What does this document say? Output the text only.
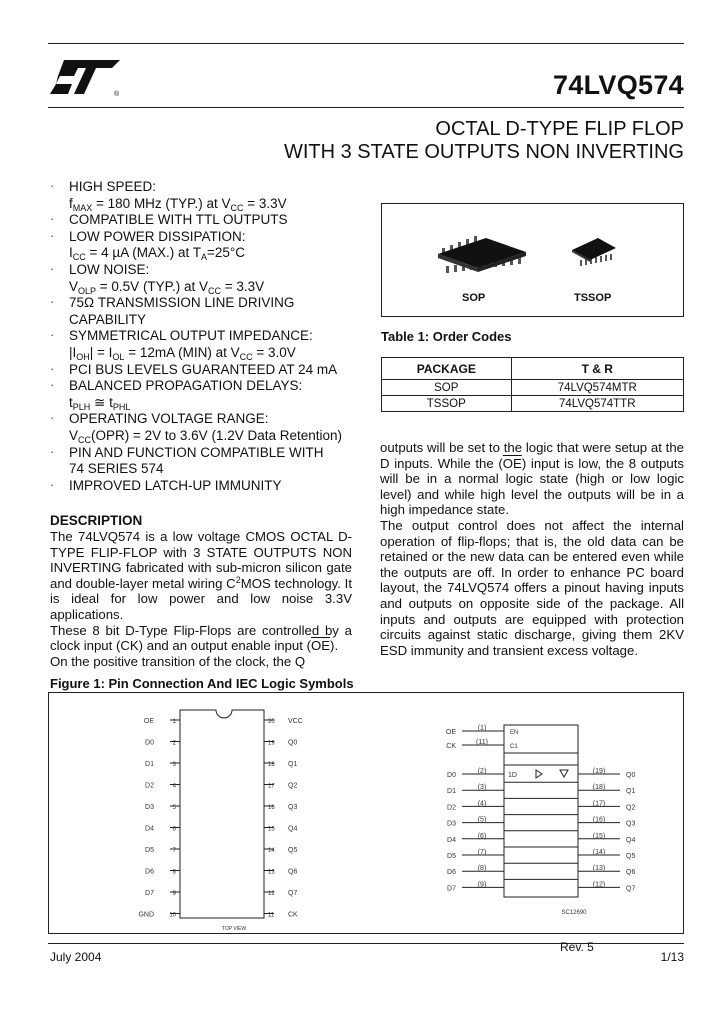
®
ST
74LVQ574
OCTAL D-TYPE FLIP FLOP
WITH 3 STATE OUTPUTS NON INVERTING
· HIGH SPEED:
$f_{MAX} = 180$ MHz (TYP.) at $V_{CC} = 3.3V$
· COMPATIBLE WITH TTL OUTPUTS
· LOW POWER DISSIPATION:
$I_{CC} = 4$ µA (MAX.) at $T_A=25^\circ C$
· LOW NOISE:
$V_{OLP} = 0.5V$ (TYP.) at $V_{CC} = 3.3V$
· 75Ω TRANSMISSION LINE DRIVING CAPABILITY
· SYMMETRICAL OUTPUT IMPEDANCE:
$|I_{OH}| = I_{OL} = 12mA$ (MIN) at $V_{CC} = 3.0V$
· PCI BUS LEVELS GUARANTEED AT 24 mA
· BALANCED PROPAGATION DELAYS:
$t_{PLH}$ ≅ $t_{PHL}$
· OPERATING VOLTAGE RANGE:
$V_{CC}(OPR) = 2V$ to 3.6V (1.2V Data Retention)
· PIN AND FUNCTION COMPATIBLE WITH 74 SERIES 574
· IMPROVED LATCH-UP IMMUNITY
SOP	TSSOP
Table 1: Order Codes
PACKAGE	T & R
SOP	74LVQ574MTR
TSSOP	74LVQ574TTR
DESCRIPTION
The 74LVQ574 is a low voltage CMOS OCTAL D-TYPE FLIP-FLOP with 3 STATE OUTPUTS NON INVERTING fabricated with sub-micron silicon gate and double-layer metal wiring $C^2MOS$ technology. It is ideal for low power and low noise 3.3V applications.
These 8 bit D-Type Flip-Flops are controlled by a clock input (CK) and an output enable input $(\overline{OE})$.
On the positive transition of the clock, the Q
outputs will be set to the logic that were setup at the D inputs. While the $(\overline{OE})$ input is low, the 8 outputs will be in a normal logic state (high or low logic level) and while high level the outputs will be in a high impedance state.
The output control does not affect the internal operation of flip-flops; that is, the old data can be retained or the new data can be entered even while the outputs are off. In order to enhance PC board layout, the 74LVQ574 offers a pinout having inputs and outputs on opposite side of the package. All inputs and outputs are equipped with protection circuits against static discharge, giving them 2KV ESD immunity and transient excess voltage.
Figure 1: Pin Connection And IEC Logic Symbols
TOP VIEW
OE	1	20 VCC
D0	2	19 Q0
D1	3	18 Q1
D2	4	17 Q2
D3	5	16 Q3
D4	6	15 Q4
D5	7	14 Q5
D6	8	13 Q6
D7	9	12 Q7
GND	10	11 CK
OE
(1)
EN
CK
(11)
C1
D0
(2)	(19)
Q0
D1
(3)	(18)
Q1
D2
(4)	(17)
Q2
D3
(5)	(16)
Q3
D4
(6)	(15)
Q4
D5
(7)	(14)
Q5
D6
(8)	(13)
Q6
D7
(9)	(12)
Q7
1D
SC12690
July 2004
Rev. 5
1/13
